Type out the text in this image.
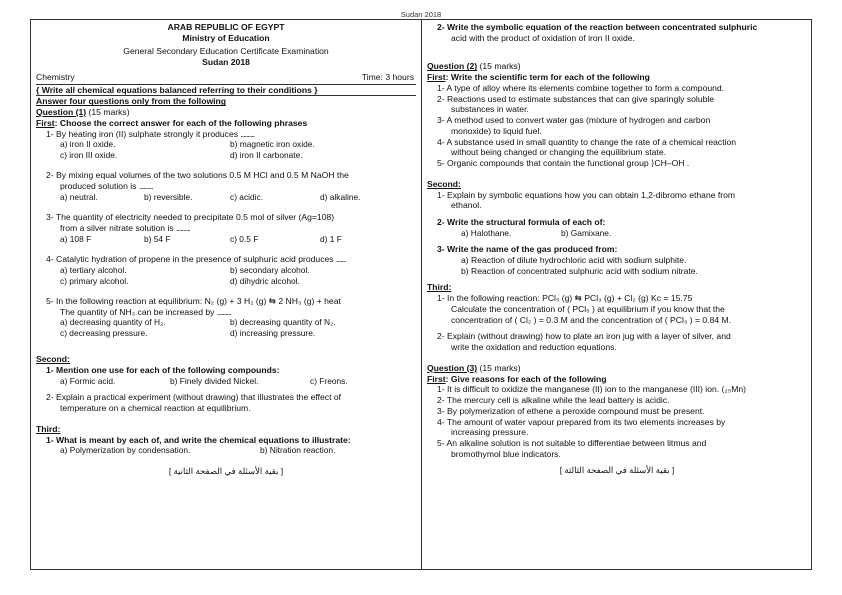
Sudan 2018
ARAB REPUBLIC OF EGYPT
Ministry of Education
General Secondary Education Certificate Examination
Sudan 2018
Chemistry	Time: 3 hours
{ Write all chemical equations balanced referring to their conditions }
Answer four questions only from the following
Question (1) (15 marks)
First: Choose the correct answer for each of the following phrases
1- By heating iron (II) sulphate strongly it produces ..........
a) iron II oxide.	b) magnetic iron oxide.
c) iron III oxide.	d) iron II carbonate.
2- By mixing equal volumes of the two solutions 0.5 M HCl and 0.5 M NaOH the
produced solution is ..........
a) neutral.	b) reversible.	c) acidic.	d) alkaline.
3- The quantity of electricity needed to precipitate 0.5 mol of silver (Ag=108)
from a silver nitrate solution is ..........
a) 108 F	b) 54 F	c) 0.5 F	d) 1 F
4- Catalytic hydration of propene in the presence of sulphuric acid produces .......
a) tertiary alcohol.	b) secondary alcohol.
c) primary alcohol.	d) dihydric alcohol.
5- In the following reaction at equilibrium: N₂ (g) + 3 H₂ (g) ⇆ 2 NH₃ (g) + heat
The quantity of NH₃ can be increased by ..........
a) decreasing quantity of H₂.	b) decreasing quantity of N₂.
c) decreasing pressure.	d) increasing pressure.
Second:
1- Mention one use for each of the following compounds:
a) Formic acid.	b) Finely divided Nickel.	c) Freons.
2- Explain a practical experiment (without drawing) that illustrates the effect of
temperature on a chemical reaction at equilibrium.
Third:
1- What is meant by each of, and write the chemical equations to illustrate:
a) Polymerization by condensation.	b) Nitration reaction.
[ بقية الأسئلة في الصفحة الثانية ]
2- Write the symbolic equation of the reaction between concentrated sulphuric
acid with the product of oxidation of iron II oxide.
Question (2) (15 marks)
First: Write the scientific term for each of the following
1- A type of alloy where its elements combine together to form a compound.
2- Reactions used to estimate substances that can give sparingly soluble
substances in water.
3- A method used to convert water gas (mixture of hydrogen and carbon
monoxide) to liquid fuel.
4- A substance used in small quantity to change the rate of a chemical reaction
without being changed or changing the equilibrium state.
5- Organic compounds that contain the functional group ⟩CH–OH .
Second:
1- Explain by symbolic equations how you can obtain 1,2-dibromo ethane from
ethanol.
2- Write the structural formula of each of:
a) Halothane.	b) Gamixane.
3- Write the name of the gas produced from:
a) Reaction of dilute hydrochloric acid with sodium sulphite.
b) Reaction of concentrated sulphuric acid with sodium nitrate.
Third:
1- In the following reaction: PCl₅ (g) ⇆ PCl₃ (g) + Cl₂ (g) Kc = 15.75
Calculate the concentration of ( PCl₅ ) at equilibrium if you know that the
concentration of ( Cl₂ ) = 0.3 M and the concentration of ( PCl₃ ) = 0.84 M.
2- Explain (without drawing) how to plate an iron jug with a layer of silver, and
write the oxidation and reduction equations.
Question (3) (15 marks)
First: Give reasons for each of the following
1- It is difficult to oxidize the manganese (II) ion to the manganese (III) ion. (₂₅Mn)
2- The mercury cell is alkaline while the lead battery is acidic.
3- By polymerization of ethene a peroxide compound must be present.
4- The amount of water vapour prepared from its two elements increases by
increasing pressure.
5- An alkaline solution is not suitable to differentiae between litmus and
bromothymol blue indicators.
[ بقية الأسئلة في الصفحة الثالثة ]
